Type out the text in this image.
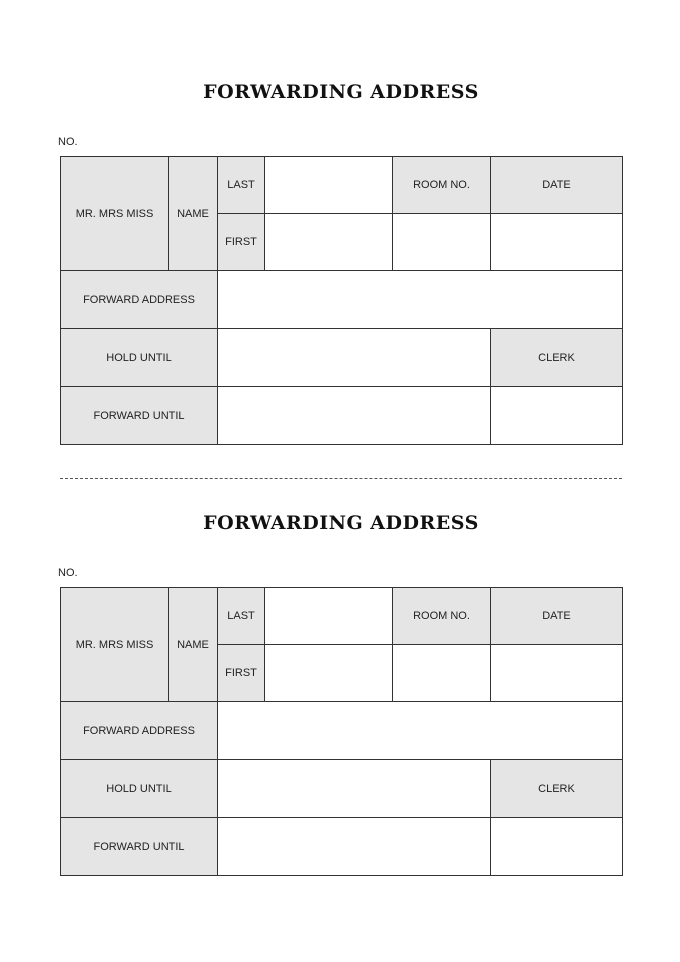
FORWARDING ADDRESS
NO.
MR. MRS MISS	NAME	LAST		ROOM NO.	DATE
		FIRST			
FORWARD ADDRESS					
HOLD UNTIL					CLERK
FORWARD UNTIL					
FORWARDING ADDRESS
NO.
MR. MRS MISS	NAME	LAST		ROOM NO.	DATE
		FIRST			
FORWARD ADDRESS					
HOLD UNTIL					CLERK
FORWARD UNTIL					
